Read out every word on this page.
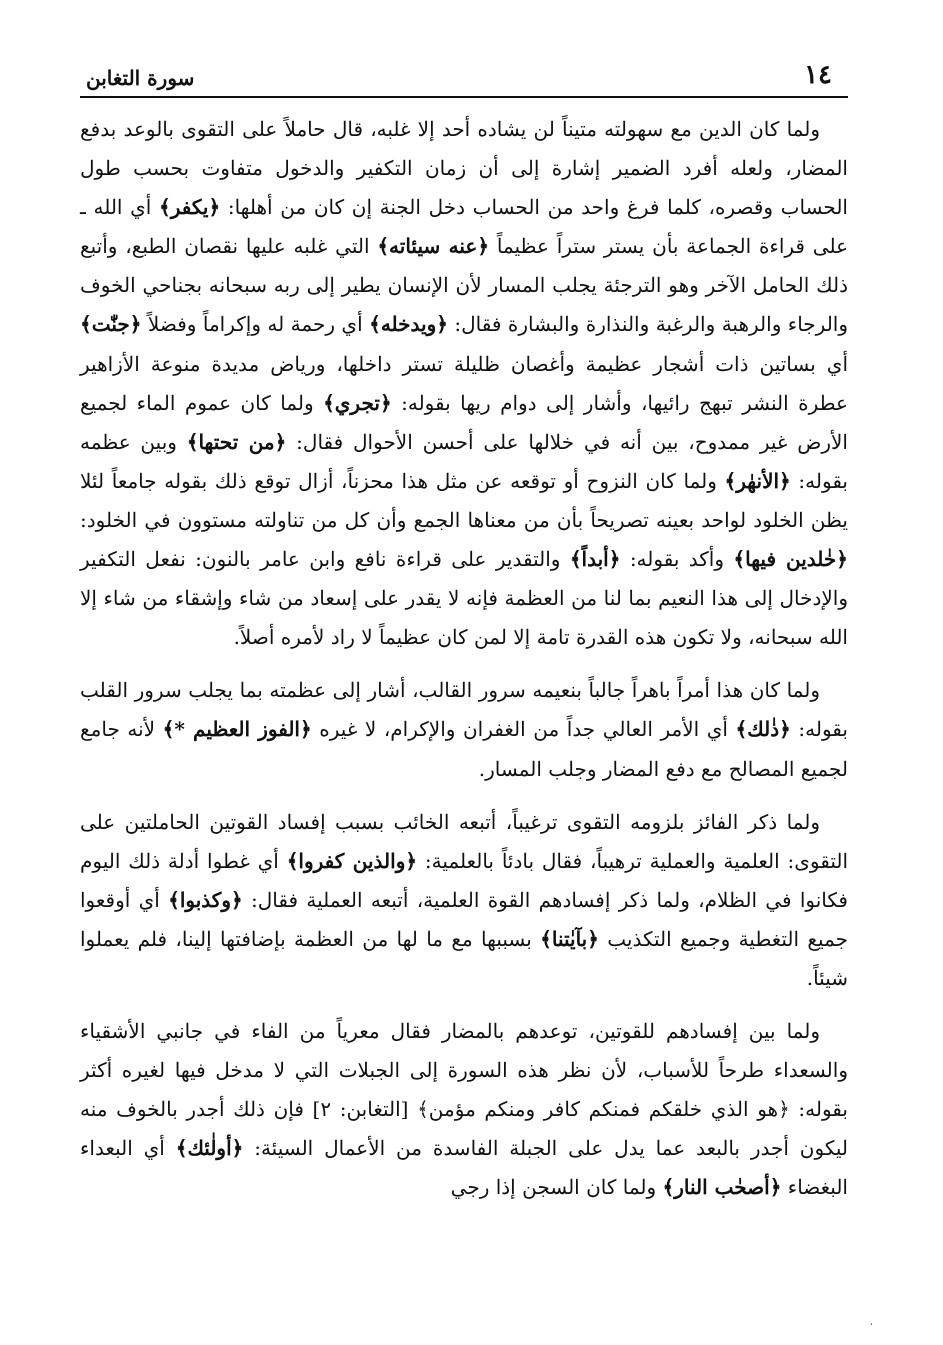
١٤
سورة التغابن

ولما كان الدين مع سهولته متيناً لن يشاده أحد إلا غلبه، قال حاملاً على التقوى بالوعد بدفع المضار، ولعله أفرد الضمير إشارة إلى أن زمان التكفير والدخول متفاوت بحسب طول الحساب وقصره، كلما فرغ واحد من الحساب دخل الجنة إن كان من أهلها: ﴿يكفر﴾ أي الله ـ على قراءة الجماعة بأن يستر ستراً عظيماً ﴿عنه سيئاته﴾ التي غلبه عليها نقصان الطبع، وأتبع ذلك الحامل الآخر وهو الترجئة يجلب المسار لأن الإنسان يطير إلى ربه سبحانه بجناحي الخوف والرجاء والرهبة والرغبة والنذارة والبشارة فقال: ﴿ويدخله﴾ أي رحمة له وإكراماً وفضلاً ﴿جنّٰت﴾ أي بساتين ذات أشجار عظيمة وأغصان ظليلة تستر داخلها، ورياض مديدة منوعة الأزاهير عطرة النشر تبهج رائيها، وأشار إلى دوام ريها بقوله: ﴿تجري﴾ ولما كان عموم الماء لجميع الأرض غير ممدوح، بين أنه في خلالها على أحسن الأحوال فقال: ﴿من تحتها﴾ وبين عظمه بقوله: ﴿الأنهٰر﴾ ولما كان النزوح أو توقعه عن مثل هذا محزناً، أزال توقع ذلك بقوله جامعاً لئلا يظن الخلود لواحد بعينه تصريحاً بأن من معناها الجمع وأن كل من تناولته مستوون في الخلود: ﴿خٰلدين فيها﴾ وأكد بقوله: ﴿أبداً﴾ والتقدير على قراءة نافع وابن عامر بالنون: نفعل التكفير والإدخال إلى هذا النعيم بما لنا من العظمة فإنه لا يقدر على إسعاد من شاء وإشقاء من شاء إلا الله سبحانه، ولا تكون هذه القدرة تامة إلا لمن كان عظيماً لا راد لأمره أصلاً.

ولما كان هذا أمراً باهراً جالباً بنعيمه سرور القالب، أشار إلى عظمته بما يجلب سرور القلب بقوله: ﴿ذٰلك﴾ أي الأمر العالي جداً من الغفران والإكرام، لا غيره ﴿الفوز العظيم *﴾ لأنه جامع لجميع المصالح مع دفع المضار وجلب المسار.

ولما ذكر الفائز بلزومه التقوى ترغيباً، أتبعه الخائب بسبب إفساد القوتين الحاملتين على التقوى: العلمية والعملية ترهيباً، فقال بادئاً بالعلمية: ﴿والذين كفروا﴾ أي غطوا أدلة ذلك اليوم فكانوا في الظلام، ولما ذكر إفسادهم القوة العلمية، أتبعه العملية فقال: ﴿وكذبوا﴾ أي أوقعوا جميع التغطية وجميع التكذيب ﴿بآيٰتنا﴾ بسببها مع ما لها من العظمة بإضافتها إلينا، فلم يعملوا شيئاً.

ولما بين إفسادهم للقوتين، توعدهم بالمضار فقال معرياً من الفاء في جانبي الأشقياء والسعداء طرحاً للأسباب، لأن نظر هذه السورة إلى الجبلات التي لا مدخل فيها لغيره أكثر بقوله: ﴿هو الذي خلقكم فمنكم كافر ومنكم مؤمن﴾ [التغابن: ٢] فإن ذلك أجدر بالخوف منه ليكون أجدر بالبعد عما يدل على الجبلة الفاسدة من الأعمال السيئة: ﴿أولٰئك﴾ أي البعداء البغضاء ﴿أصحٰب النار﴾ ولما كان السجن إذا رجي

،
